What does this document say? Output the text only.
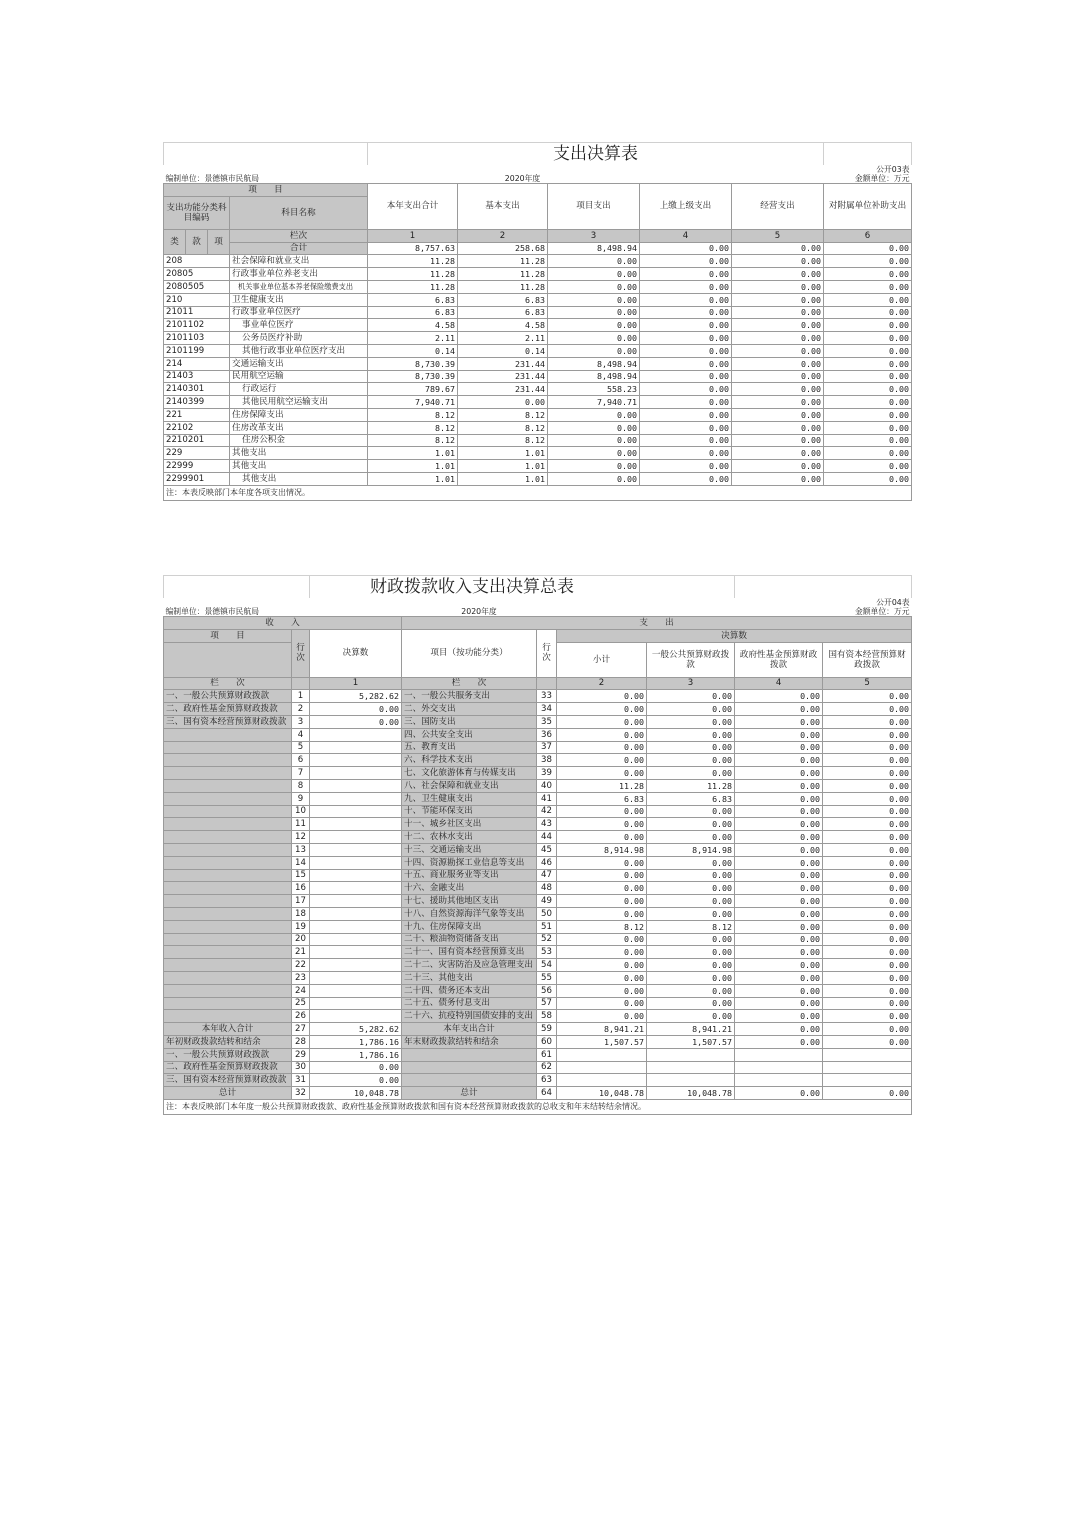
				支出决算表					
									公开03表
编制单位：景德镇市民航局				2020年度					金额单位：万元
项　　目				本年支出合计	基本支出	项目支出	上缴上级支出	经营支出	对附属单位补助支出
支出功能分类科目编码			科目名称						

类	款	项	栏次	1	2	3	4	5	6
			合计	8,757.63	258.68	8,498.94	0.00	0.00	0.00
208			社会保障和就业支出	11.28	11.28	0.00	0.00	0.00	0.00
20805			行政事业单位养老支出	11.28	11.28	0.00	0.00	0.00	0.00
2080505			机关事业单位基本养老保险缴费支出	11.28	11.28	0.00	0.00	0.00	0.00
210			卫生健康支出	6.83	6.83	0.00	0.00	0.00	0.00
21011			行政事业单位医疗	6.83	6.83	0.00	0.00	0.00	0.00
2101102			事业单位医疗	4.58	4.58	0.00	0.00	0.00	0.00
2101103			公务员医疗补助	2.11	2.11	0.00	0.00	0.00	0.00
2101199			其他行政事业单位医疗支出	0.14	0.14	0.00	0.00	0.00	0.00
214			交通运输支出	8,730.39	231.44	8,498.94	0.00	0.00	0.00
21403			民用航空运输	8,730.39	231.44	8,498.94	0.00	0.00	0.00
2140301			行政运行	789.67	231.44	558.23	0.00	0.00	0.00
2140399			其他民用航空运输支出	7,940.71	0.00	7,940.71	0.00	0.00	0.00
221			住房保障支出	8.12	8.12	0.00	0.00	0.00	0.00
22102			住房改革支出	8.12	8.12	0.00	0.00	0.00	0.00
2210201			住房公积金	8.12	8.12	0.00	0.00	0.00	0.00
229			其他支出	1.01	1.01	0.00	0.00	0.00	0.00
22999			其他支出	1.01	1.01	0.00	0.00	0.00	0.00
2299901			其他支出	1.01	1.01	0.00	0.00	0.00	0.00
注：本表反映部门本年度各项支出情况。									
		财政拨款收入支出决算总表						
								公开04表
编制单位：景德镇市民航局			2020年度					金额单位：万元
收　　入			支　　出					
项　　目	行次	决算数	项目（按功能分类）	行次	决算数			
					小计	一般公共预算财政拨款	政府性基金预算财政拨款	国有资本经营预算财政拨款

栏　　次		1	栏　　次		2	3	4	5
一、一般公共预算财政拨款	1	5,282.62	一、一般公共服务支出	33	0.00	0.00	0.00	0.00
二、政府性基金预算财政拨款	2	0.00	二、外交支出	34	0.00	0.00	0.00	0.00
三、国有资本经营预算财政拨款	3	0.00	三、国防支出	35	0.00	0.00	0.00	0.00
	4		四、公共安全支出	36	0.00	0.00	0.00	0.00
	5		五、教育支出	37	0.00	0.00	0.00	0.00
	6		六、科学技术支出	38	0.00	0.00	0.00	0.00
	7		七、文化旅游体育与传媒支出	39	0.00	0.00	0.00	0.00
	8		八、社会保障和就业支出	40	11.28	11.28	0.00	0.00
	9		九、卫生健康支出	41	6.83	6.83	0.00	0.00
	10		十、节能环保支出	42	0.00	0.00	0.00	0.00
	11		十一、城乡社区支出	43	0.00	0.00	0.00	0.00
	12		十二、农林水支出	44	0.00	0.00	0.00	0.00
	13		十三、交通运输支出	45	8,914.98	8,914.98	0.00	0.00
	14		十四、资源勘探工业信息等支出	46	0.00	0.00	0.00	0.00
	15		十五、商业服务业等支出	47	0.00	0.00	0.00	0.00
	16		十六、金融支出	48	0.00	0.00	0.00	0.00
	17		十七、援助其他地区支出	49	0.00	0.00	0.00	0.00
	18		十八、自然资源海洋气象等支出	50	0.00	0.00	0.00	0.00
	19		十九、住房保障支出	51	8.12	8.12	0.00	0.00
	20		二十、粮油物资储备支出	52	0.00	0.00	0.00	0.00
	21		二十一、国有资本经营预算支出	53	0.00	0.00	0.00	0.00
	22		二十二、灾害防治及应急管理支出	54	0.00	0.00	0.00	0.00
	23		二十三、其他支出	55	0.00	0.00	0.00	0.00
	24		二十四、债务还本支出	56	0.00	0.00	0.00	0.00
	25		二十五、债务付息支出	57	0.00	0.00	0.00	0.00
	26		二十六、抗疫特别国债安排的支出	58	0.00	0.00	0.00	0.00
本年收入合计	27	5,282.62	本年支出合计	59	8,941.21	8,941.21	0.00	0.00
年初财政拨款结转和结余	28	1,786.16	年末财政拨款结转和结余	60	1,507.57	1,507.57	0.00	0.00
一、一般公共预算财政拨款	29	1,786.16		61				
二、政府性基金预算财政拨款	30	0.00		62				
三、国有资本经营预算财政拨款	31	0.00		63				
总计	32	10,048.78	总计	64	10,048.78	10,048.78	0.00	0.00
注：本表反映部门本年度一般公共预算财政拨款、政府性基金预算财政拨款和国有资本经营预算财政拨款的总收支和年末结转结余情况。								
